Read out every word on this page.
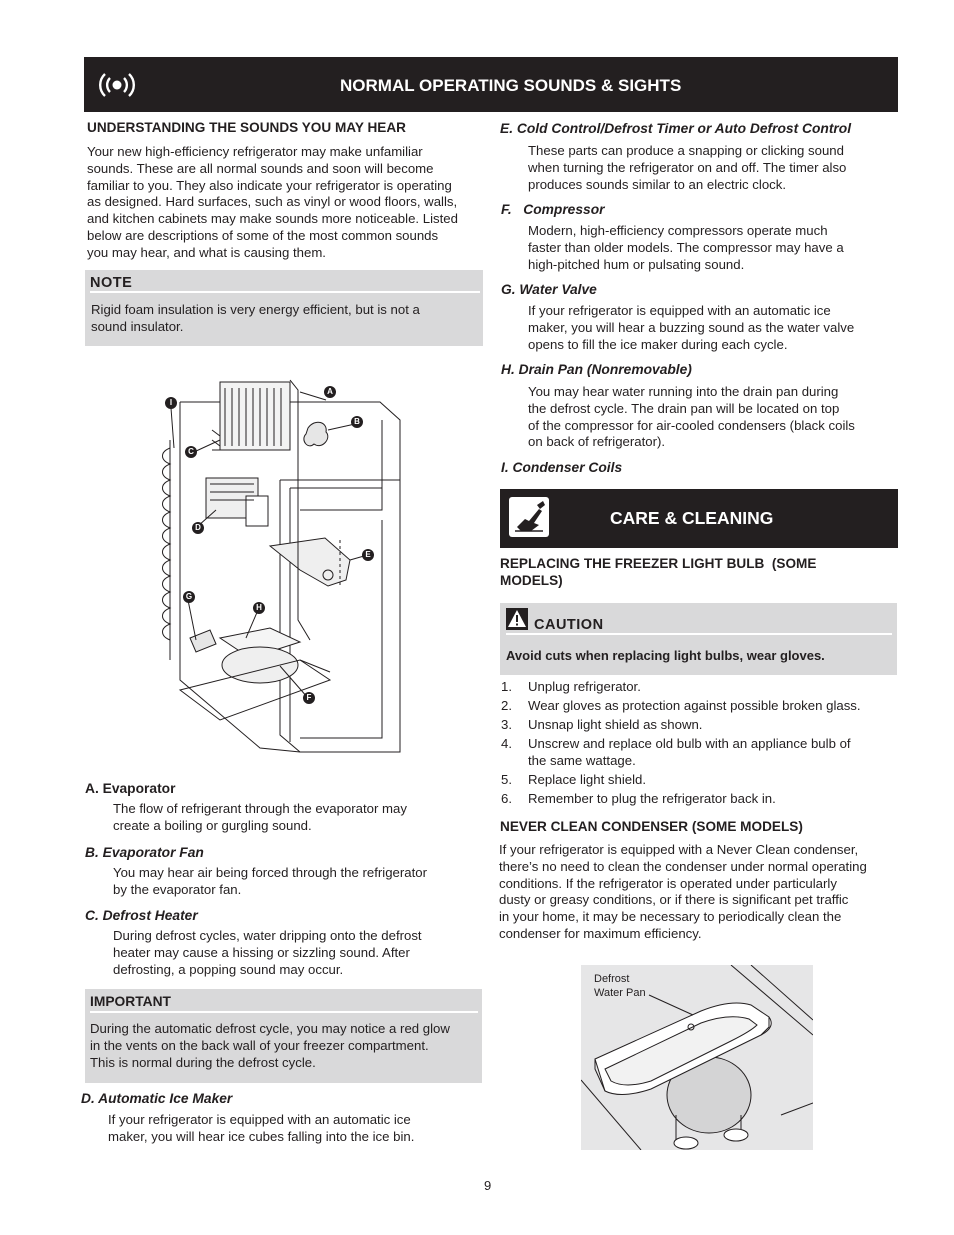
NORMAL OPERATING SOUNDS & SIGHTS
UNDERSTANDING THE SOUNDS YOU MAY HEAR

Your new high-efficiency refrigerator may make unfamiliar

sounds. These are all normal sounds and soon will become

familiar to you. They also indicate your refrigerator is operating

as designed. Hard surfaces, such as vinyl or wood floors, walls,

and kitchen cabinets may make sounds more noticeable. Listed

below are descriptions of some of the most common sounds

you may hear, and what is causing them.

NOTE

Rigid foam insulation is very energy efficient, but is not a

sound insulator.

A
B
C
D
E
F
G
H
I
A. Evaporator

The flow of refrigerant through the evaporator may

create a boiling or gurgling sound.

B. Evaporator Fan

You may hear air being forced through the refrigerator

by the evaporator fan.

C. Defrost Heater

During defrost cycles, water dripping onto the defrost

heater may cause a hissing or sizzling sound. After

defrosting, a popping sound may occur.

IMPORTANT

During the automatic defrost cycle, you may notice a red glow

in the vents on the back wall of your freezer compartment.

This is normal during the defrost cycle.

D. Automatic Ice Maker

If your refrigerator is equipped with an automatic ice

maker, you will hear ice cubes falling into the ice bin.

E. Cold Control/Defrost Timer or Auto Defrost Control

These parts can produce a snapping or clicking sound

when turning the refrigerator on and off. The timer also

produces sounds similar to an electric clock.

F.   Compressor

Modern, high-efficiency compressors operate much

faster than older models. The compressor may have a

high-pitched hum or pulsating sound.

G. Water Valve

If your refrigerator is equipped with an automatic ice

maker, you will hear a buzzing sound as the water valve

opens to fill the ice maker during each cycle.

H. Drain Pan (Nonremovable)

You may hear water running into the drain pan during

the defrost cycle. The drain pan will be located on top

of the compressor for air-cooled condensers (black coils

on back of refrigerator).

I. Condenser Coils
CARE & CLEANING
REPLACING THE FREEZER LIGHT BULB  (SOME
MODELS)
CAUTION
Avoid cuts when replacing light bulbs, wear gloves.
1.	Unplug refrigerator.
2.	Wear gloves as protection against possible broken glass.
3.	Unsnap light shield as shown.
4.	Unscrew and replace old bulb with an appliance bulb of
the same wattage.
5.	Replace light shield.
6.	Remember to plug the refrigerator back in.
NEVER CLEAN CONDENSER (SOME MODELS)

If your refrigerator is equipped with a Never Clean condenser,

there’s no need to clean the condenser under normal operating

conditions. If the refrigerator is operated under particularly

dusty or greasy conditions, or if there is significant pet traffic

in your home, it may be necessary to periodically clean the

condenser for maximum efficiency.

Defrost
Water Pan
9
